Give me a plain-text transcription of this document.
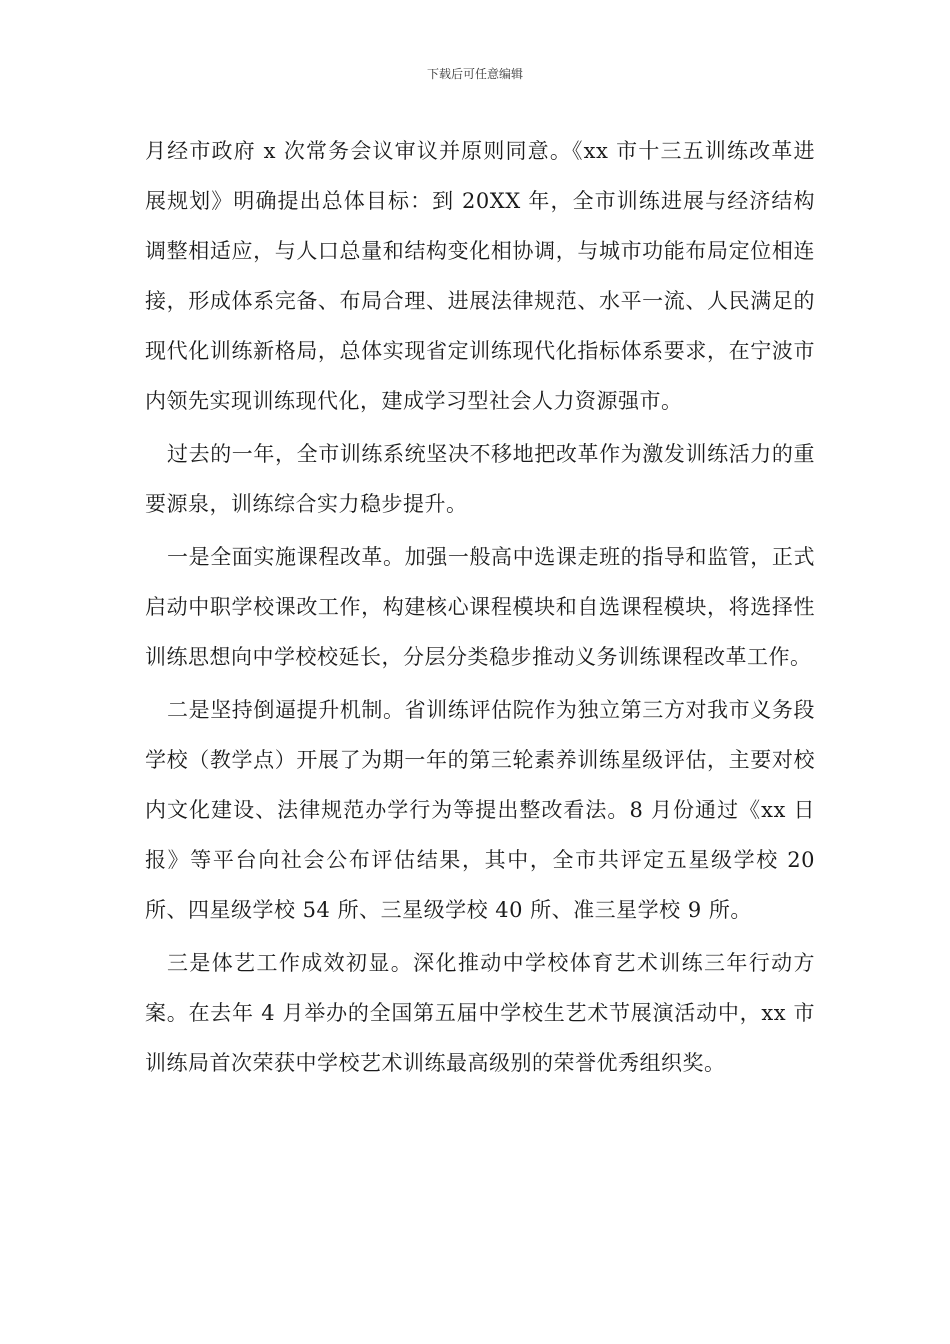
下载后可任意编辑

月经市政府 x 次常务会议审议并原则同意。《xx 市十三五训练改革进展规划》明确提出总体目标：到 20XX 年，全市训练进展与经济结构调整相适应，与人口总量和结构变化相协调，与城市功能布局定位相连接，形成体系完备、布局合理、进展法律规范、水平一流、人民满足的现代化训练新格局，总体实现省定训练现代化指标体系要求，在宁波市内领先实现训练现代化，建成学习型社会人力资源强市。

过去的一年，全市训练系统坚决不移地把改革作为激发训练活力的重要源泉，训练综合实力稳步提升。

一是全面实施课程改革。加强一般高中选课走班的指导和监管，正式启动中职学校课改工作，构建核心课程模块和自选课程模块，将选择性训练思想向中学校校延长，分层分类稳步推动义务训练课程改革工作。

二是坚持倒逼提升机制。省训练评估院作为独立第三方对我市义务段学校（教学点）开展了为期一年的第三轮素养训练星级评估，主要对校内文化建设、法律规范办学行为等提出整改看法。8 月份通过《xx 日报》等平台向社会公布评估结果，其中，全市共评定五星级学校 20 所、四星级学校 54 所、三星级学校 40 所、准三星学校 9 所。

三是体艺工作成效初显。深化推动中学校体育艺术训练三年行动方案。在去年 4 月举办的全国第五届中学校生艺术节展演活动中，xx 市训练局首次荣获中学校艺术训练最高级别的荣誉优秀组织奖。
